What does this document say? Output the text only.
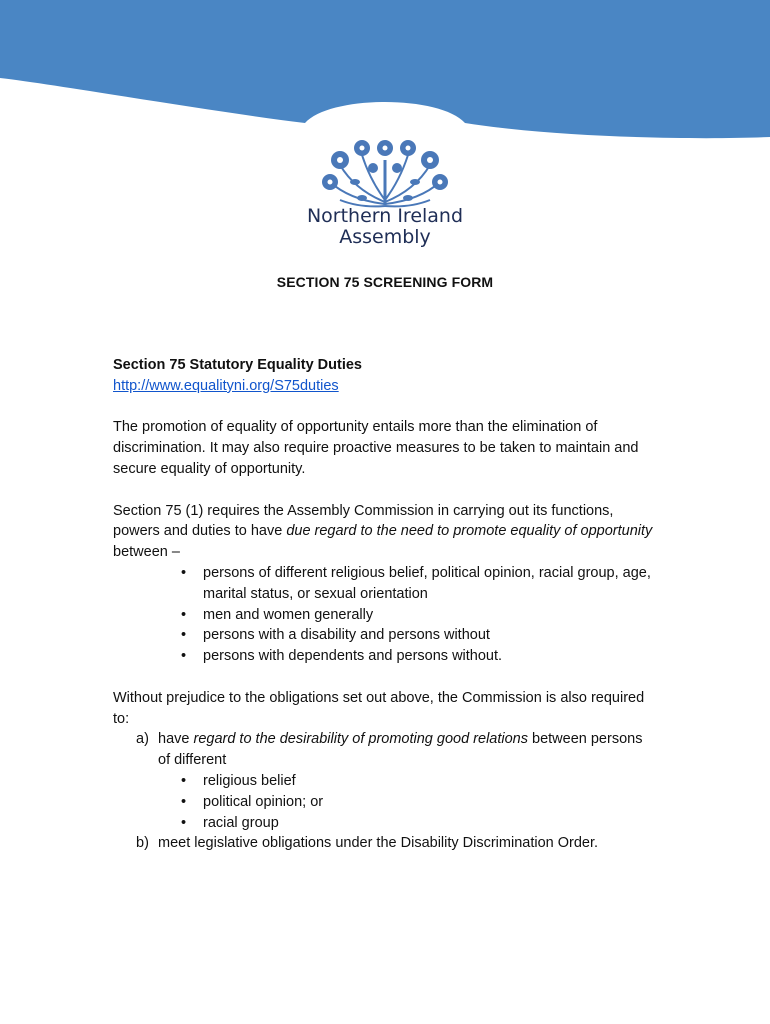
Northern Ireland
Assembly
SECTION 75 SCREENING FORM

Section 75 Statutory Equality Duties

http://www.equalityni.org/S75duties

The promotion of equality of opportunity entails more than the elimination of discrimination. It may also require proactive measures to be taken to maintain and secure equality of opportunity.

Section 75 (1) requires the Assembly Commission in carrying out its functions, powers and duties to have due regard to the need to promote equality of opportunity between –

• persons of different religious belief, political opinion, racial group, age, marital status, or sexual orientation
• men and women generally
• persons with a disability and persons without
• persons with dependents and persons without.

Without prejudice to the obligations set out above, the Commission is also required to:

a) have regard to the desirability of promoting good relations between persons of different
• religious belief
• political opinion; or
• racial group
b) meet legislative obligations under the Disability Discrimination Order.
